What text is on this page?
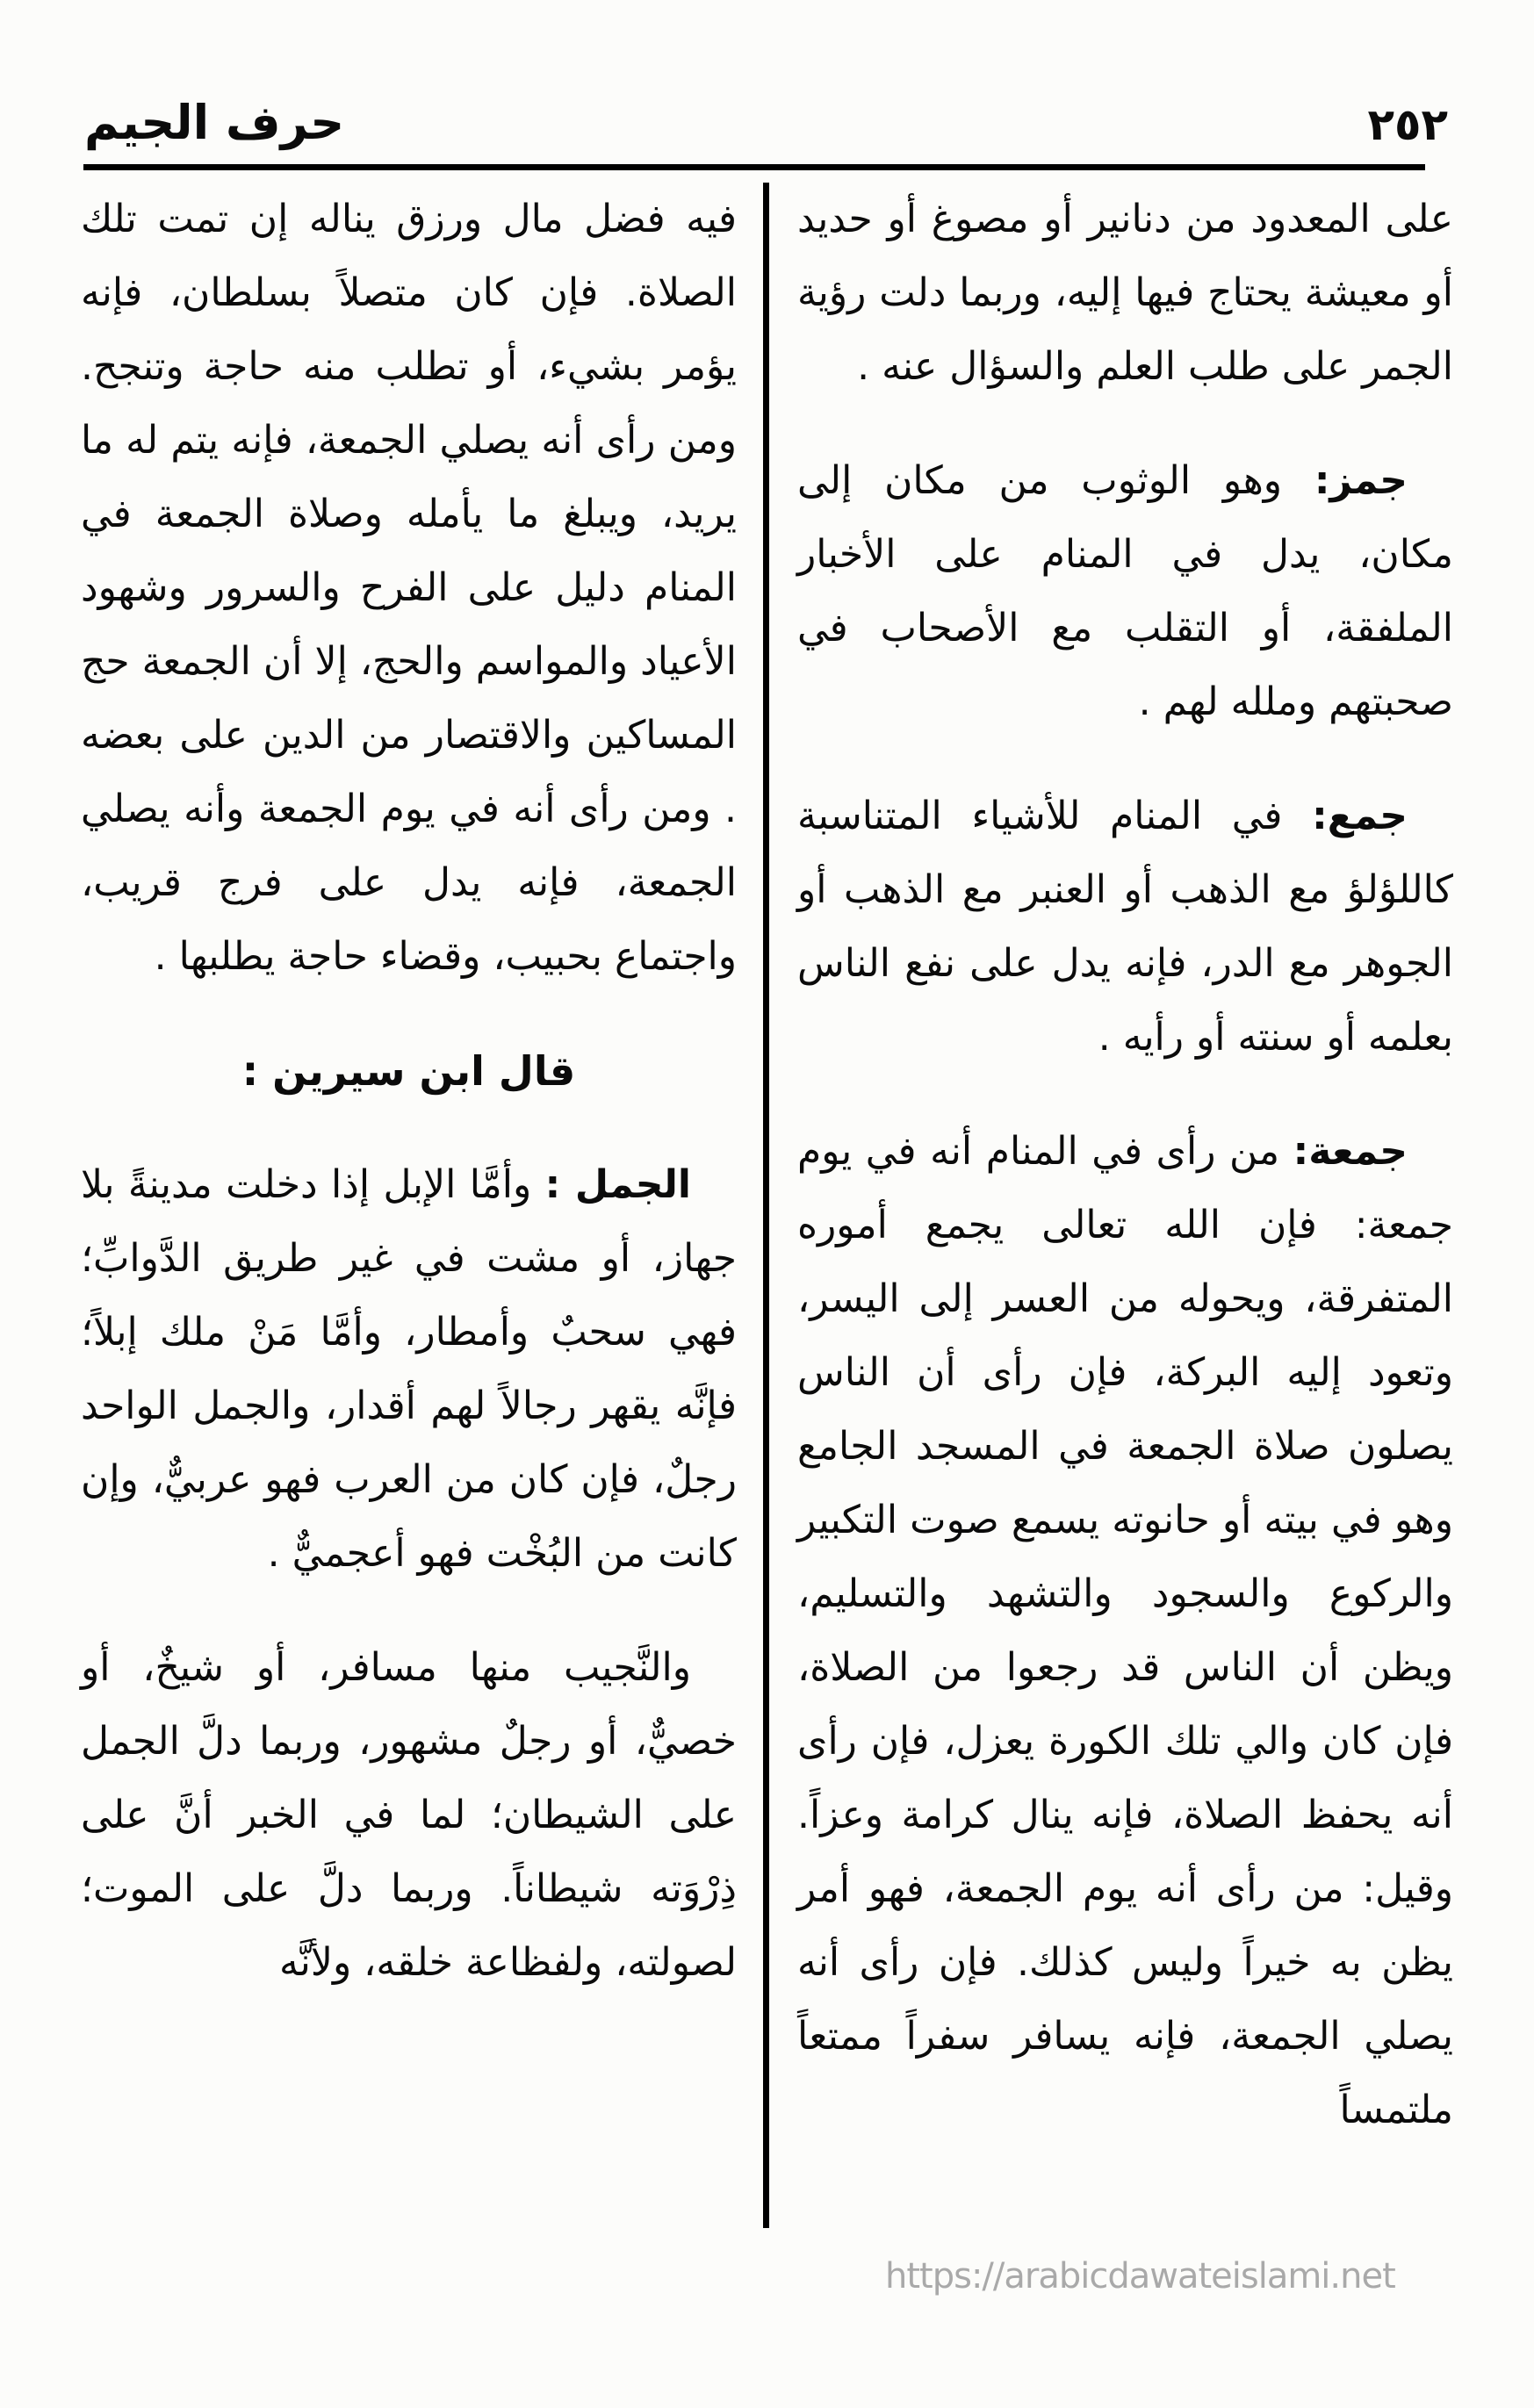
٢٥٢
حرف الجيم

على المعدود من دنانير أو مصوغ أو حديد أو معيشة يحتاج فيها إليه، وربما دلت رؤية الجمر على طلب العلم والسؤال عنه .

جمز: وهو الوثوب من مكان إلى مكان، يدل في المنام على الأخبار الملفقة، أو التقلب مع الأصحاب في صحبتهم وملله لهم .

جمع: في المنام للأشياء المتناسبة كاللؤلؤ مع الذهب أو العنبر مع الذهب أو الجوهر مع الدر، فإنه يدل على نفع الناس بعلمه أو سنته أو رأيه .

جمعة: من رأى في المنام أنه في يوم جمعة: فإن الله تعالى يجمع أموره المتفرقة، ويحوله من العسر إلى اليسر، وتعود إليه البركة، فإن رأى أن الناس يصلون صلاة الجمعة في المسجد الجامع وهو في بيته أو حانوته يسمع صوت التكبير والركوع والسجود والتشهد والتسليم، ويظن أن الناس قد رجعوا من الصلاة، فإن كان والي تلك الكورة يعزل، فإن رأى أنه يحفظ الصلاة، فإنه ينال كرامة وعزاً. وقيل: من رأى أنه يوم الجمعة، فهو أمر يظن به خيراً وليس كذلك. فإن رأى أنه يصلي الجمعة، فإنه يسافر سفراً ممتعاً ملتمساً

فيه فضل مال ورزق يناله إن تمت تلك الصلاة. فإن كان متصلاً بسلطان، فإنه يؤمر بشيء، أو تطلب منه حاجة وتنجح. ومن رأى أنه يصلي الجمعة، فإنه يتم له ما يريد، ويبلغ ما يأمله وصلاة الجمعة في المنام دليل على الفرح والسرور وشهود الأعياد والمواسم والحج، إلا أن الجمعة حج المساكين والاقتصار من الدين على بعضه . ومن رأى أنه في يوم الجمعة وأنه يصلي الجمعة، فإنه يدل على فرج قريب، واجتماع بحبيب، وقضاء حاجة يطلبها .

قال ابن سيرين :

الجمل : وأمَّا الإبل إذا دخلت مدينةً بلا جهاز، أو مشت في غير طريق الدَّوابِّ؛ فهي سحبٌ وأمطار، وأمَّا مَنْ ملك إبلاً؛ فإنَّه يقهر رجالاً لهم أقدار، والجمل الواحد رجلٌ، فإن كان من العرب فهو عربيٌّ، وإن كانت من البُخْت فهو أعجميٌّ .

والنَّجيب منها مسافر، أو شيخٌ، أو خصيٌّ، أو رجلٌ مشهور، وربما دلَّ الجمل على الشيطان؛ لما في الخبر أنَّ على ذِرْوَته شيطاناً. وربما دلَّ على الموت؛ لصولته، ولفظاعة خلقه، ولأنَّه

https://arabicdawateislami.net
